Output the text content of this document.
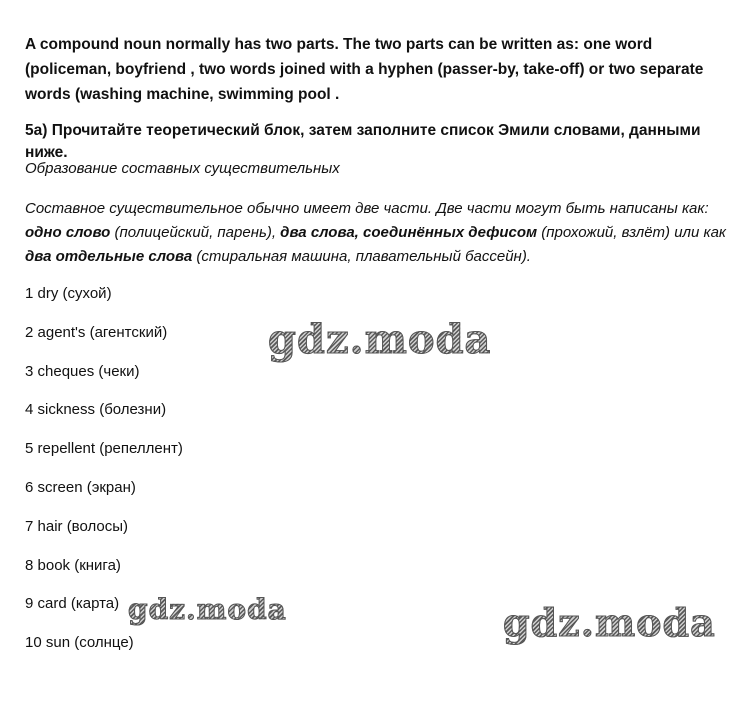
A compound noun normally has two parts. The two parts can be written as: one word (policeman, boyfriend , two words joined with a hyphen (passer-by, take-off) or two separate words (washing machine, swimming pool .

5a) Прочитайте теоретический блок, затем заполните список Эмили словами, данными ниже.

Образование составных существительных

Составное существительное обычно имеет две части. Две части могут быть написаны как: одно слово (полицейский, парень), два слова, соединённых дефисом (прохожий, взлёт) или как два отдельные слова (стиральная машина, плавательный бассейн).

1 dry (сухой)
2 agent's (агентский)
3 cheques (чеки)
4 sickness (болезни)
5 repellent (репеллент)
6 screen (экран)
7 hair (волосы)
8 book (книга)
9 card (карта)
10 sun (солнце)
gdz.moda
gdz.moda	gdz.moda
